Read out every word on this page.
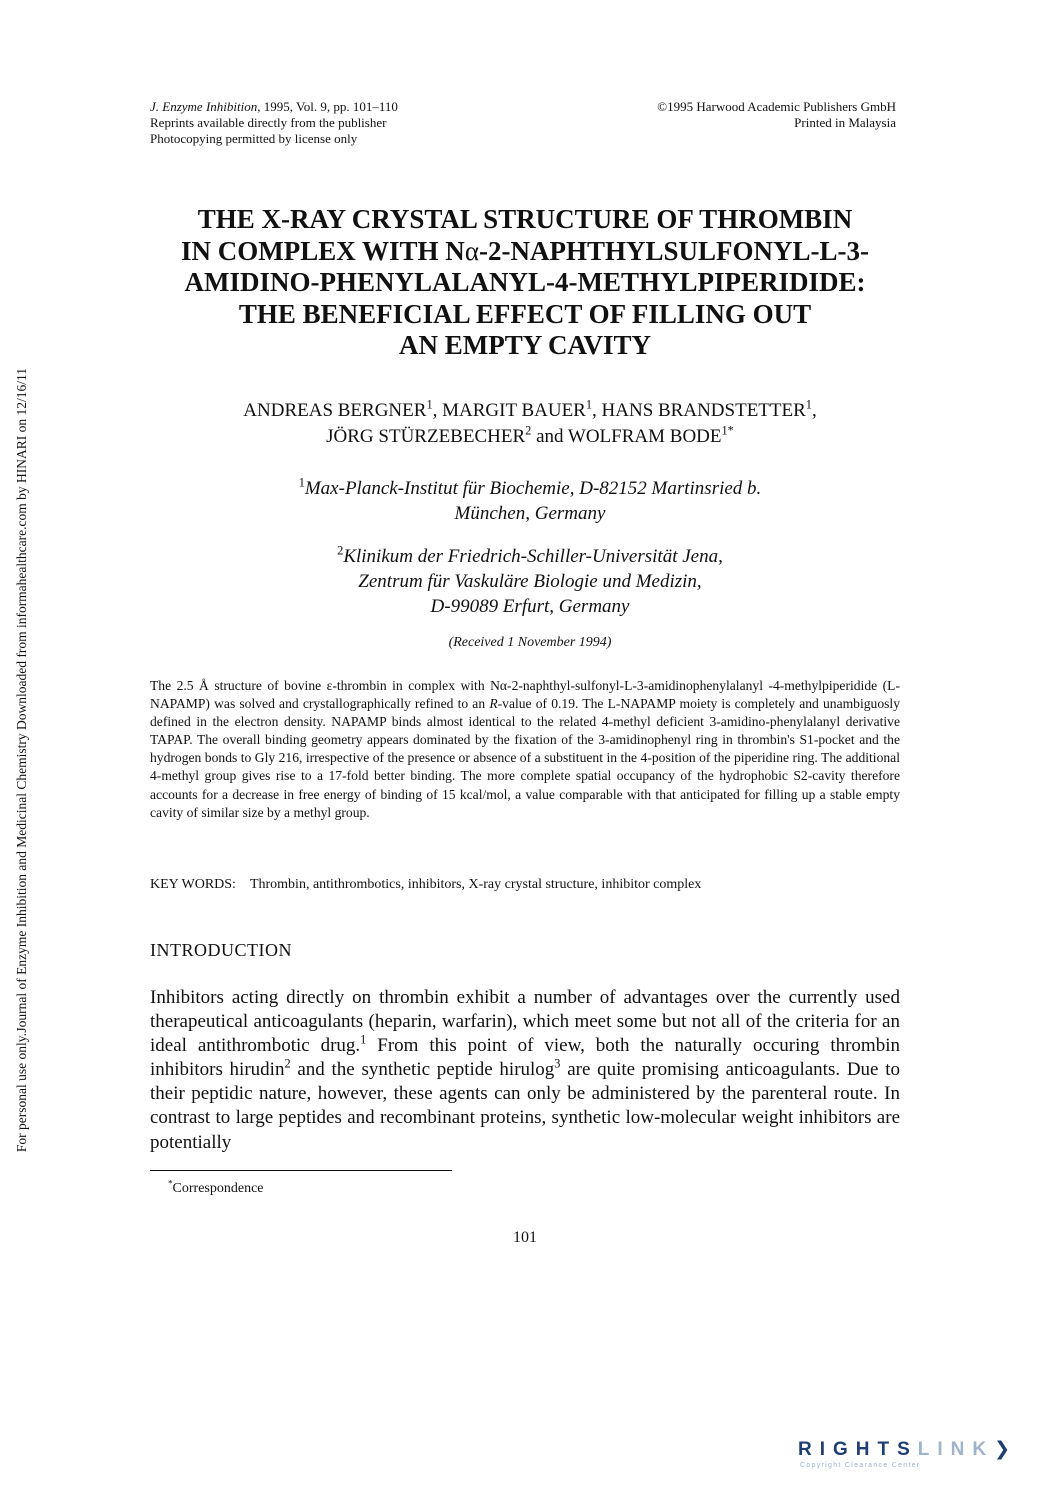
J. Enzyme Inhibition, 1995, Vol. 9, pp. 101–110
Reprints available directly from the publisher
Photocopying permitted by license only
©1995 Harwood Academic Publishers GmbH
Printed in Malaysia
THE X-RAY CRYSTAL STRUCTURE OF THROMBIN
IN COMPLEX WITH Nα-2-NAPHTHYLSULFONYL-L-3-
AMIDINO-PHENYLALANYL-4-METHYLPIPERIDIDE:
THE BENEFICIAL EFFECT OF FILLING OUT
AN EMPTY CAVITY
ANDREAS BERGNER$^1$, MARGIT BAUER$^1$, HANS BRANDSTETTER$^1$,
JÖRG STÜRZEBECHER$^2$ and WOLFRAM $BODE^{1*}$
$^1$Max-Planck-Institut für Biochemie, D-82152 Martinsried b.
München, Germany
$^2$Klinikum der Friedrich-Schiller-Universität Jena,
Zentrum für Vaskuläre Biologie und Medizin,
D-99089 Erfurt, Germany
(Received 1 November 1994)
The 2.5 Å structure of bovine ε-thrombin in complex with Nα-2-naphthyl-sulfonyl-L-3-amidinophenylalanyl -4-methylpiperidide (L-NAPAMP) was solved and crystallographically refined to an R-value of 0.19. The L-NAPAMP moiety is completely and unambiguosly defined in the electron density. NAPAMP binds almost identical to the related 4-methyl deficient 3-amidino-phenylalanyl derivative TAPAP. The overall binding geometry appears dominated by the fixation of the 3-amidinophenyl ring in thrombin's S1-pocket and the hydrogen bonds to Gly 216, irrespective of the presence or absence of a substituent in the 4-position of the piperidine ring. The additional 4-methyl group gives rise to a 17-fold better binding. The more complete spatial occupancy of the hydrophobic S2-cavity therefore accounts for a decrease in free energy of binding of 15 kcal/mol, a value comparable with that anticipated for filling up a stable empty cavity of similar size by a methyl group.
KEY WORDS: Thrombin, antithrombotics, inhibitors, X-ray crystal structure, inhibitor complex
INTRODUCTION
Inhibitors acting directly on thrombin exhibit a number of advantages over the currently used therapeutical anticoagulants (heparin, warfarin), which meet some but not all of the criteria for an ideal antithrombotic drug.$^1$ From this point of view, both the naturally occuring thrombin inhibitors hirudin$^2$ and the synthetic peptide hirulog$^3$ are quite promising anticoagulants. Due to their peptidic nature, however, these agents can only be administered by the parenteral route. In contrast to large peptides and recombinant proteins, synthetic low-molecular weight inhibitors are potentially
*Correspondence
101
Journal of Enzyme Inhibition and Medicinal Chemistry Downloaded from informahealthcare.com by HINARI on 12/16/11
For personal use only.
RIGHTSLINK❯
Copyright Clearance Center
